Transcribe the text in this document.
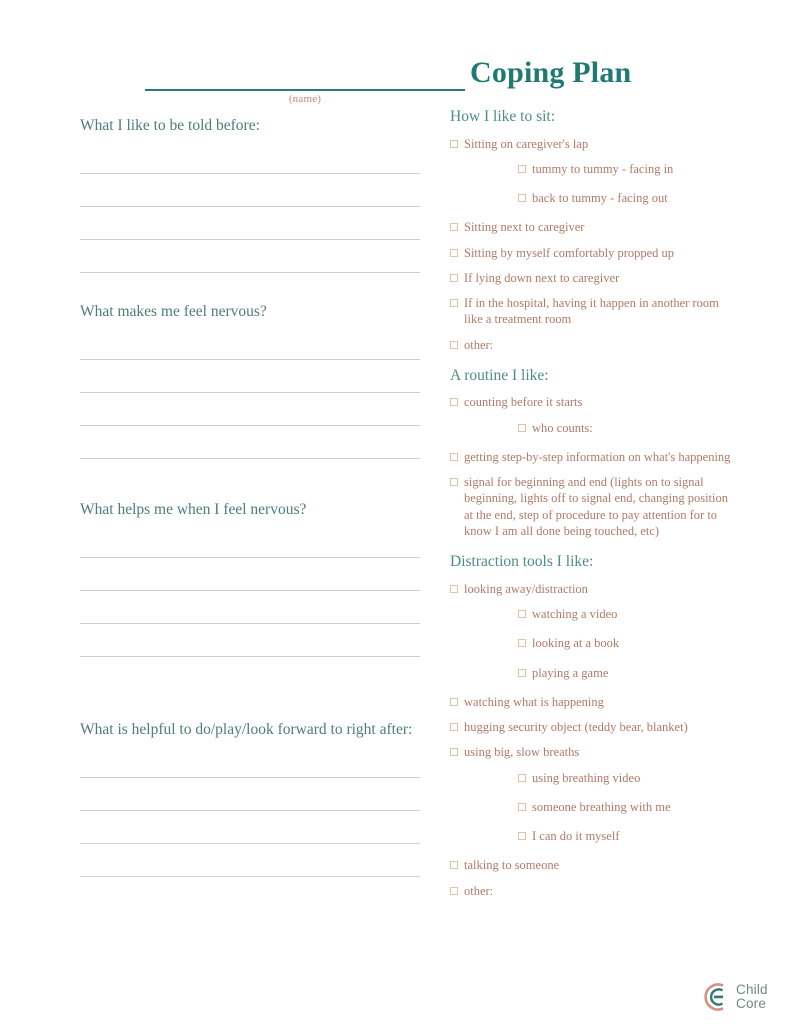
(name)
Coping Plan
What I like to be told before:
What makes me feel nervous?
What helps me when I feel nervous?
What is helpful to do/play/look forward to right after:
How I like to sit:
Sitting on caregiver's lap
tummy to tummy - facing in
back to tummy - facing out
Sitting next to caregiver
Sitting by myself comfortably propped up
If lying down next to caregiver
If in the hospital, having it happen in another room like a treatment room
other:
A routine I like:
counting before it starts
who counts:
getting step-by-step information on what's happening
signal for beginning and end (lights on to signal beginning, lights off to signal end, changing position at the end, step of procedure to pay attention for to know I am all done being touched, etc)
Distraction tools I like:
looking away/distraction
watching a video
looking at a book
playing a game
watching what is happening
hugging security object (teddy bear, blanket)
using big, slow breaths
using breathing video
someone breathing with me
I can do it myself
talking to someone
other:
Child
Core
